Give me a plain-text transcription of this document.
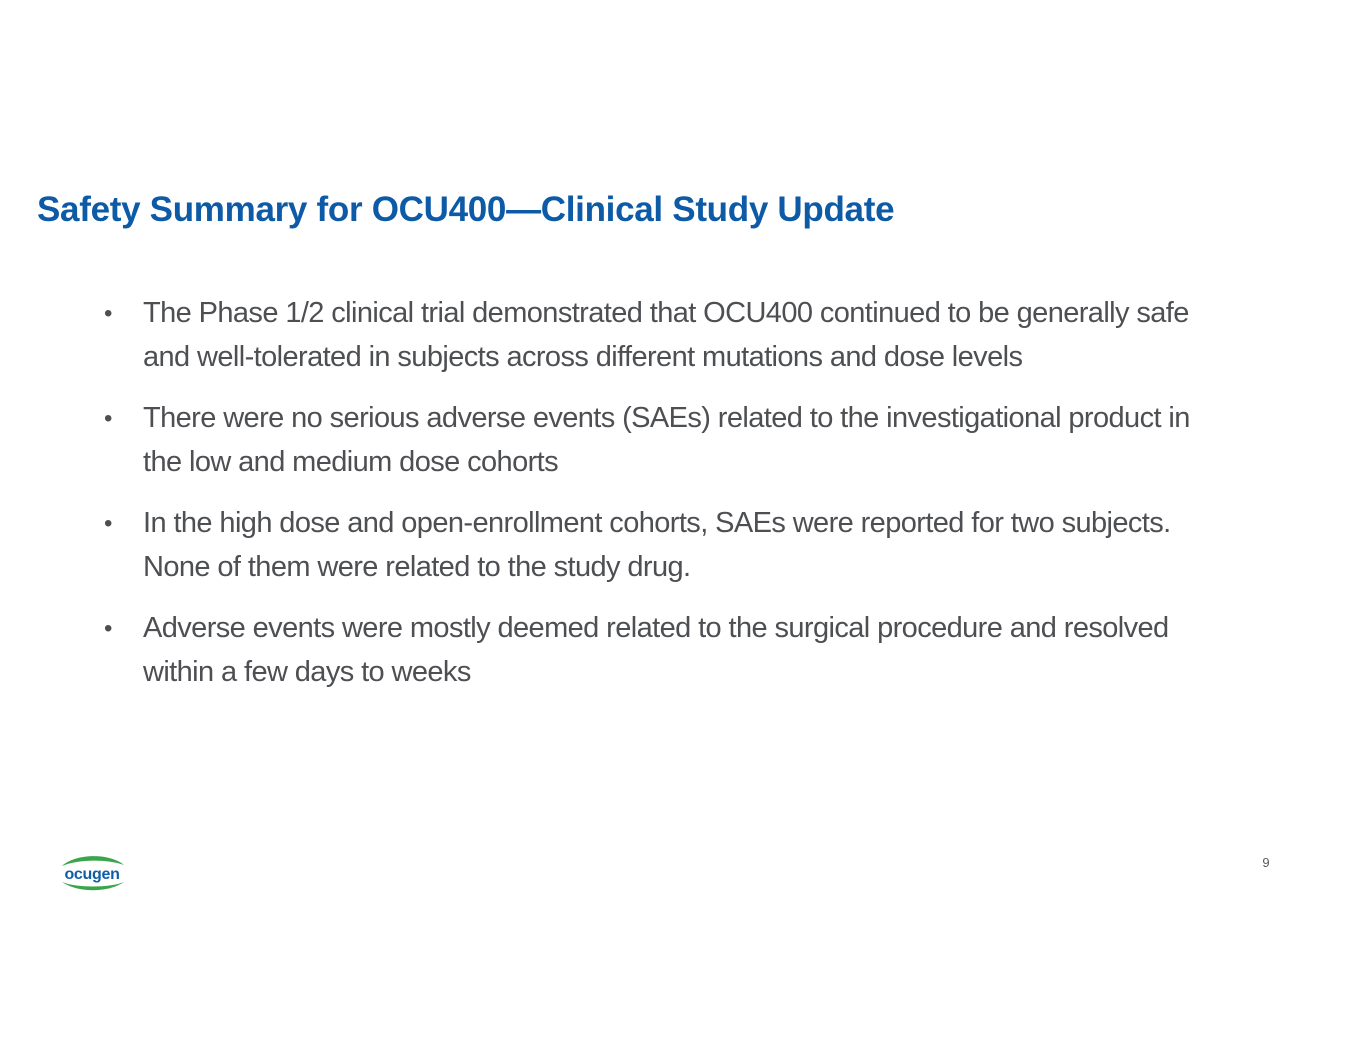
Safety Summary for OCU400—Clinical Study Update
• The Phase 1/2 clinical trial demonstrated that OCU400 continued to be generally safe and well-tolerated in subjects across different mutations and dose levels
• There were no serious adverse events (SAEs) related to the investigational product in the low and medium dose cohorts
• In the high dose and open-enrollment cohorts, SAEs were reported for two subjects. None of them were related to the study drug.
• Adverse events were mostly deemed related to the surgical procedure and resolved within a few days to weeks
ocugen
9
